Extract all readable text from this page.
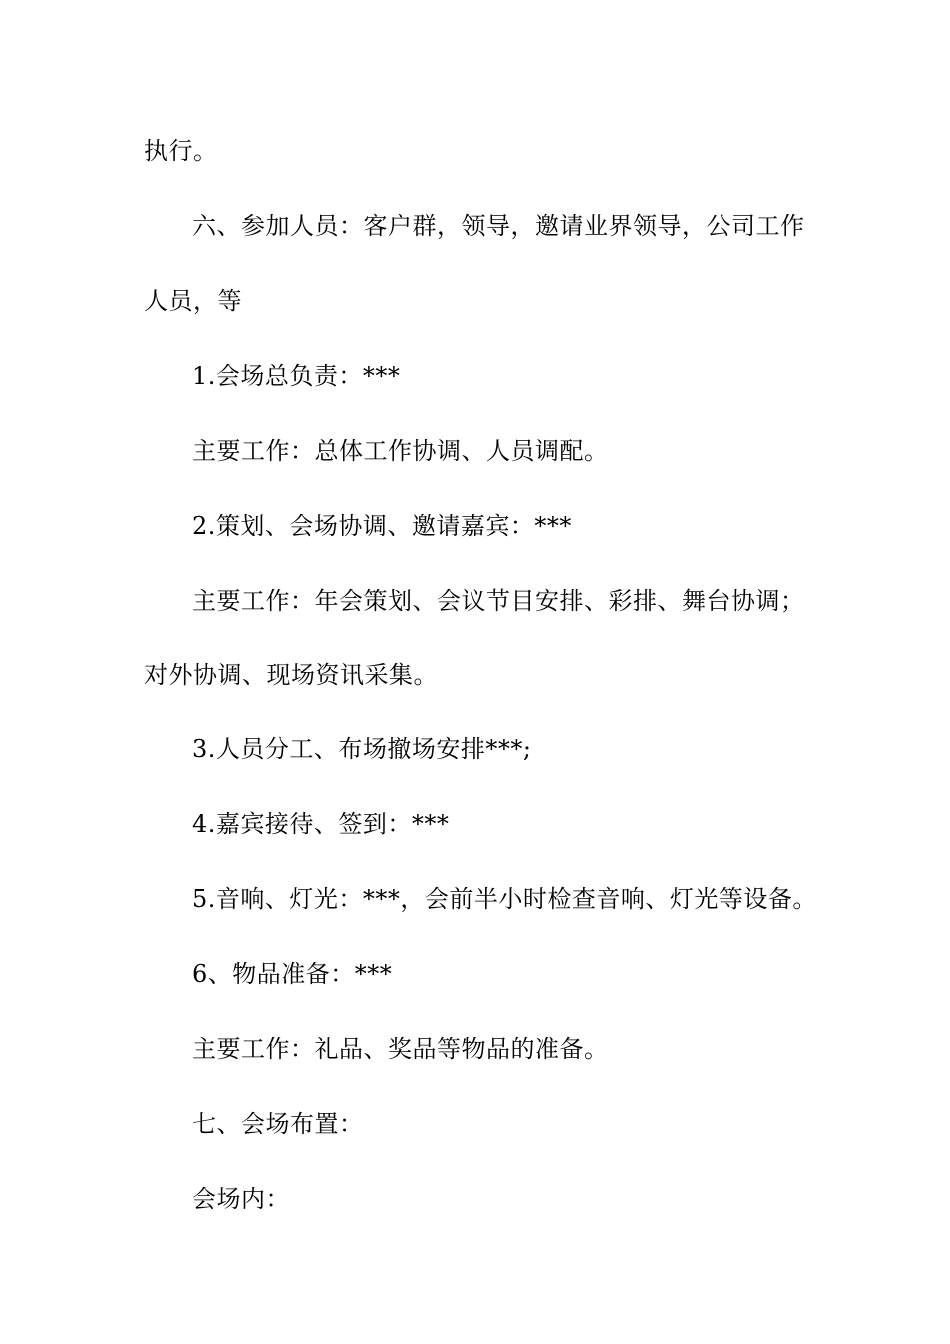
执行。
六、参加人员：客户群，领导，邀请业界领导，公司工作
人员，等
1.会场总负责：***
主要工作：总体工作协调、人员调配。
2.策划、会场协调、邀请嘉宾：***
主要工作：年会策划、会议节目安排、彩排、舞台协调；
对外协调、现场资讯采集。
3.人员分工、布场撤场安排***;
4.嘉宾接待、签到：***
5.音响、灯光：***，会前半小时检查音响、灯光等设备。
6、物品准备：***
主要工作：礼品、奖品等物品的准备。
七、会场布置：
会场内：
